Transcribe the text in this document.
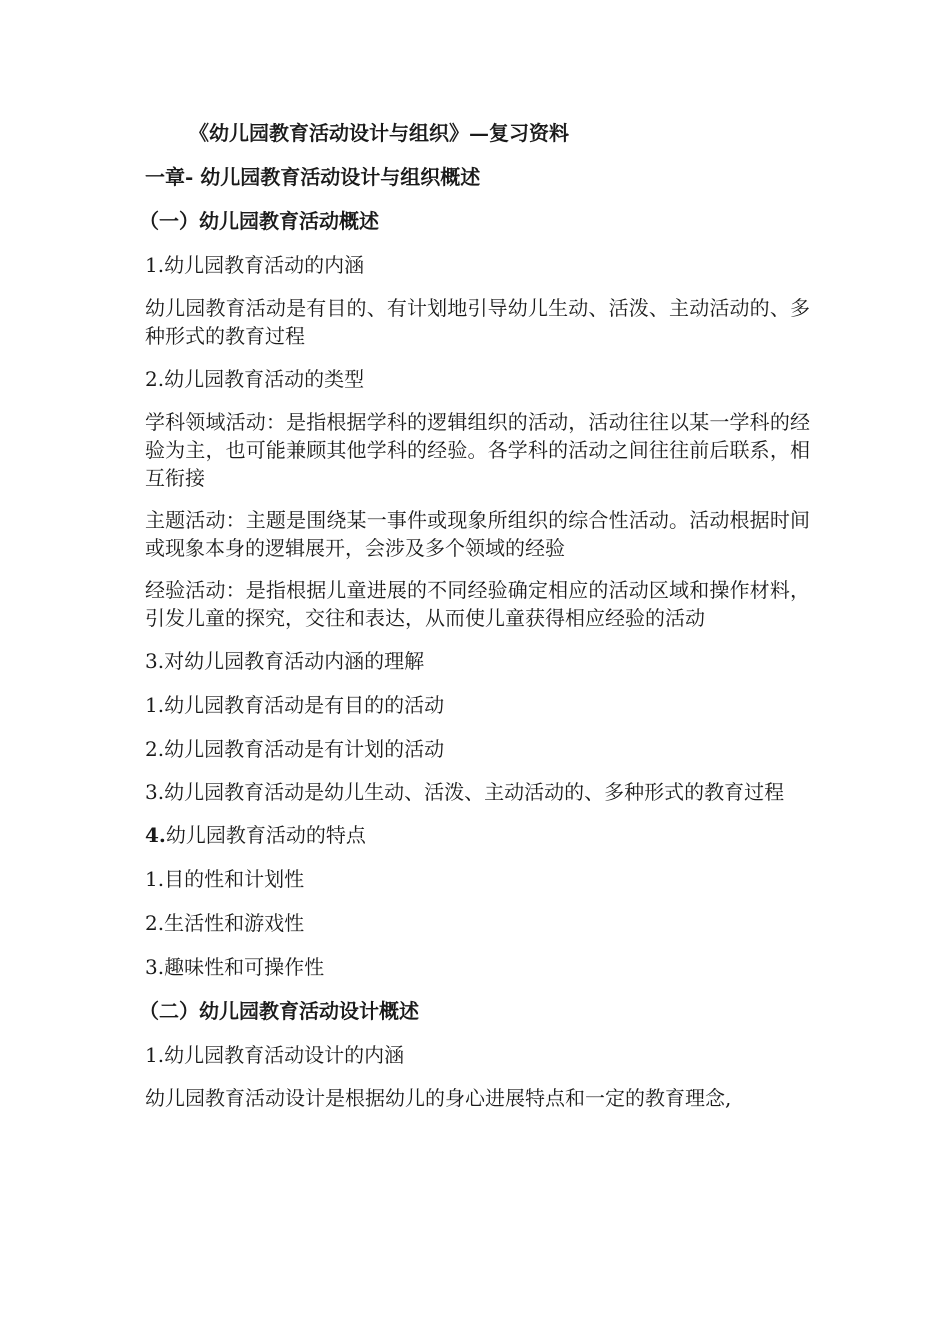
《幼儿园教育活动设计与组织》—复习资料
一章- 幼儿园教育活动设计与组织概述
（一）幼儿园教育活动概述
1.幼儿园教育活动的内涵
幼儿园教育活动是有目的、有计划地引导幼儿生动、活泼、主动活动的、多种形式的教育过程
2.幼儿园教育活动的类型
学科领域活动：是指根据学科的逻辑组织的活动，活动往往以某一学科的经验为主，也可能兼顾其他学科的经验。各学科的活动之间往往前后联系，相互衔接
主题活动：主题是围绕某一事件或现象所组织的综合性活动。活动根据时间或现象本身的逻辑展开，会涉及多个领域的经验
经验活动：是指根据儿童进展的不同经验确定相应的活动区域和操作材料，引发儿童的探究，交往和表达，从而使儿童获得相应经验的活动
3.对幼儿园教育活动内涵的理解
1.幼儿园教育活动是有目的的活动
2.幼儿园教育活动是有计划的活动
3.幼儿园教育活动是幼儿生动、活泼、主动活动的、多种形式的教育过程
4.幼儿园教育活动的特点
1.目的性和计划性
2.生活性和游戏性
3.趣味性和可操作性
（二）幼儿园教育活动设计概述
1.幼儿园教育活动设计的内涵
幼儿园教育活动设计是根据幼儿的身心进展特点和一定的教育理念,
